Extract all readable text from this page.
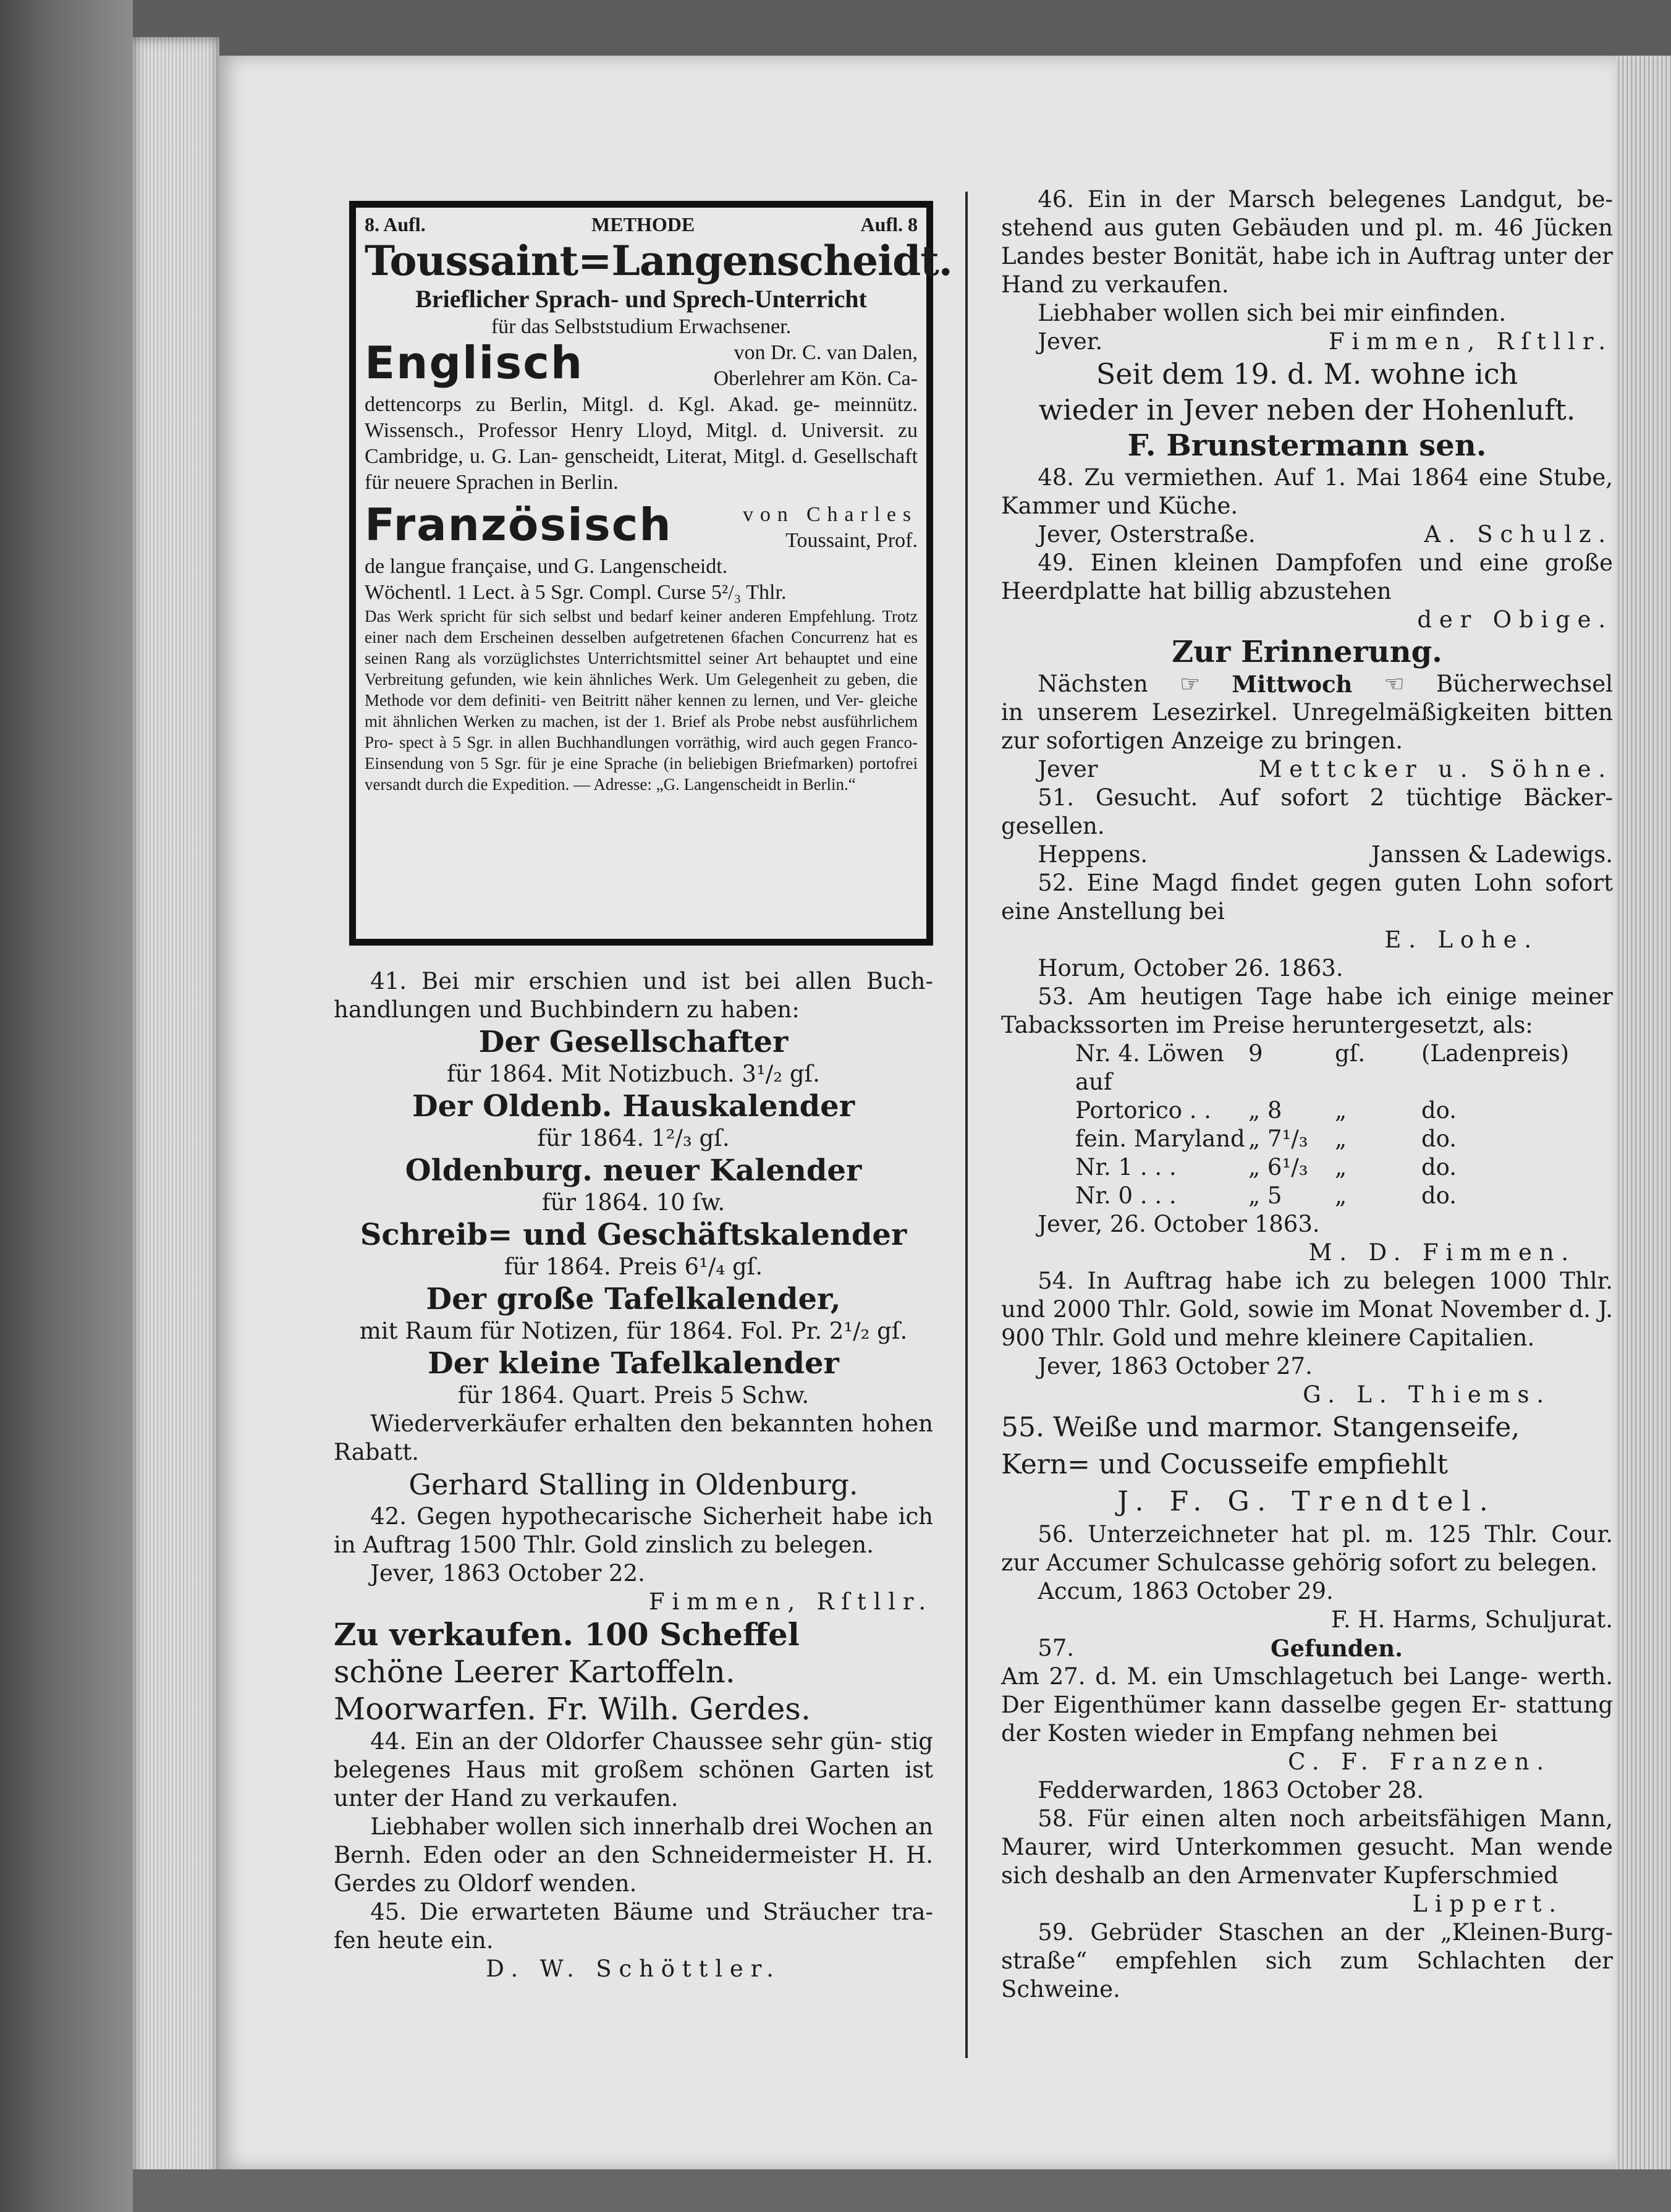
8. Aufl.	METHODE	Aufl. 8
Toussaint=Langenscheidt.
Brieflicher Sprach- und Sprech-Unterricht
für das Selbststudium Erwachsener.
Englisch	von Dr. C. van Dalen,
Oberlehrer am Kön. Ca-
dettencorps zu Berlin, Mitgl. d. Kgl. Akad. ge- meinnütz. Wissensch., Professor Henry Lloyd, Mitgl. d. Universit. zu Cambridge, u. G. Lan- genscheidt, Literat, Mitgl. d. Gesellschaft für neuere Sprachen in Berlin.
Französisch	von Charles
Toussaint, Prof.
de langue française, und G. Langenscheidt.
Wöchentl. 1 Lect. à 5 Sgr. Compl. Curse 5²/₃ Thlr.
Das Werk spricht für sich selbst und bedarf keiner anderen Empfehlung. Trotz einer nach dem Erscheinen desselben aufgetretenen 6fachen Concurrenz hat es seinen Rang als vorzüglichstes Unterrichtsmittel seiner Art behauptet und eine Verbreitung gefunden, wie kein ähnliches Werk. Um Gelegenheit zu geben, die Methode vor dem definiti- ven Beitritt näher kennen zu lernen, und Ver- gleiche mit ähnlichen Werken zu machen, ist der 1. Brief als Probe nebst ausführlichem Pro- spect à 5 Sgr. in allen Buchhandlungen vorräthig, wird auch gegen Franco-Einsendung von 5 Sgr. für je eine Sprache (in beliebigen Briefmarken) portofrei versandt durch die Expedition. — Adresse: „G. Langenscheidt in Berlin.“

41. Bei mir erschien und ist bei allen Buch- handlungen und Buchbindern zu haben:

Der Gesellschafter
für 1864. Mit Notizbuch. 3¹/₂ gſ.
Der Oldenb. Hauskalender
für 1864. 1²/₃ gſ.
Oldenburg. neuer Kalender
für 1864. 10 ſw.
Schreib= und Geschäftskalender
für 1864. Preis 6¹/₄ gſ.
Der große Tafelkalender,
mit Raum für Notizen, für 1864. Fol. Pr. 2¹/₂ gſ.
Der kleine Tafelkalender
für 1864. Quart. Preis 5 Schw.

Wiederverkäufer erhalten den bekannten hohen Rabatt.

Gerhard Stalling in Oldenburg.

42. Gegen hypothecarische Sicherheit habe ich in Auftrag 1500 Thlr. Gold zinslich zu belegen.

Jever, 1863 October 22.
Fimmen, Rſtllr.
Zu verkaufen. 100 Scheffel
schöne Leerer Kartoffeln.
Moorwarfen. Fr. Wilh. Gerdes.

44. Ein an der Oldorfer Chaussee sehr gün- stig belegenes Haus mit großem schönen Garten ist unter der Hand zu verkaufen.

Liebhaber wollen sich innerhalb drei Wochen an Bernh. Eden oder an den Schneidermeister H. H. Gerdes zu Oldorf wenden.

45. Die erwarteten Bäume und Sträucher tra- fen heute ein.

D. W. Schöttler.

46. Ein in der Marsch belegenes Landgut, be- stehend aus guten Gebäuden und pl. m. 46 Jücken Landes bester Bonität, habe ich in Auftrag unter der Hand zu verkaufen.

Liebhaber wollen sich bei mir einfinden.
Jever.	Fimmen, Rſtllr.
Seit dem 19. d. M. wohne ich
wieder in Jever neben der Hohenluft.
F. Brunstermann sen.

48. Zu vermiethen. Auf 1. Mai 1864 eine Stube, Kammer und Küche.

Jever, Osterstraße.	A. Schulz.

49. Einen kleinen Dampfofen und eine große Heerdplatte hat billig abzustehen

der Obige.
Zur Erinnerung.
Nächsten ☞ Mittwoch ☜ Bücherwechsel

in unserem Lesezirkel. Unregelmäßigkeiten bitten zur sofortigen Anzeige zu bringen.

Jever	Mettcker u. Söhne.

51. Gesucht. Auf sofort 2 tüchtige Bäcker- gesellen.

Heppens.	Janssen & Ladewigs.

52. Eine Magd findet gegen guten Lohn sofort eine Anstellung bei

E. Lohe.
Horum, October 26. 1863.

53. Am heutigen Tage habe ich einige meiner Tabackssorten im Preise heruntergesetzt, als:

Nr. 4. Löwen auf
9	gſ.	(Ladenpreis)
Portorico . .	„ 8	„	do.
fein. Maryland „ 7¹/₃	„	do.
Nr. 1 . . .	„ 6¹/₃	„	do.
Nr. 0 . . .	„ 5	„	do.
Jever, 26. October 1863.
M. D. Fimmen.

54. In Auftrag habe ich zu belegen 1000 Thlr. und 2000 Thlr. Gold, sowie im Monat November d. J. 900 Thlr. Gold und mehre kleinere Capitalien.

Jever, 1863 October 27.
G. L. Thiems.
55. Weiße und marmor. Stangenseife,
Kern= und Cocusseife empfiehlt
J. F. G. Trendtel.

56. Unterzeichneter hat pl. m. 125 Thlr. Cour. zur Accumer Schulcasse gehörig sofort zu belegen.

Accum, 1863 October 29.
F. H. Harms, Schuljurat.
57.	Gefunden.

Am 27. d. M. ein Umschlagetuch bei Lange- werth. Der Eigenthümer kann dasselbe gegen Er- stattung der Kosten wieder in Empfang nehmen bei

C. F. Franzen.
Fedderwarden, 1863 October 28.

58. Für einen alten noch arbeitsfähigen Mann, Maurer, wird Unterkommen gesucht. Man wende sich deshalb an den Armenvater Kupferschmied

Lippert.

59. Gebrüder Staschen an der „Kleinen-Burg- straße“ empfehlen sich zum Schlachten der Schweine.
